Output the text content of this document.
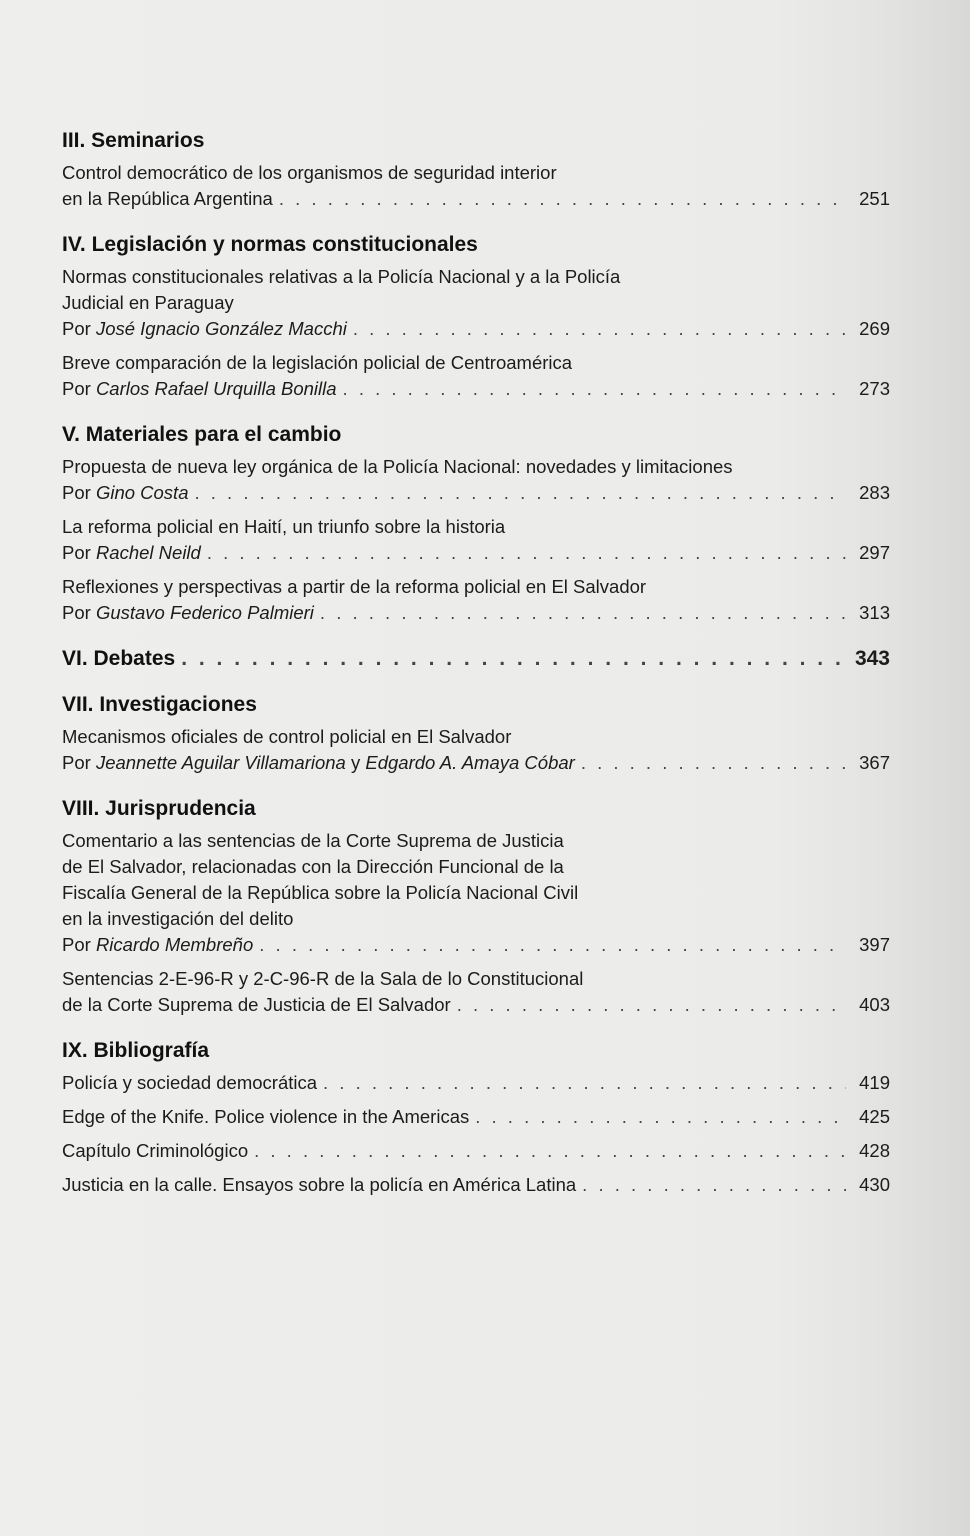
III. Seminarios
Control democrático de los organismos de seguridad interior
en la República Argentina . . .	251
IV. Legislación y normas constitucionales
Normas constitucionales relativas a la Policía Nacional y a la Policía
Judicial en Paraguay
Por José Ignacio González Macchi . . .	269
Breve comparación de la legislación policial de Centroamérica
Por Carlos Rafael Urquilla Bonilla . . .	273
V. Materiales para el cambio
Propuesta de nueva ley orgánica de la Policía Nacional: novedades y limitaciones
Por Gino Costa . . .	283
La reforma policial en Haití, un triunfo sobre la historia
Por Rachel Neild . . .	297
Reflexiones y perspectivas a partir de la reforma policial en El Salvador
Por Gustavo Federico Palmieri . . .	313
VI. Debates . . .	343
VII. Investigaciones
Mecanismos oficiales de control policial en El Salvador
Por Jeannette Aguilar Villamariona y Edgardo A. Amaya Cóbar . . .	367
VIII. Jurisprudencia
Comentario a las sentencias de la Corte Suprema de Justicia
de El Salvador, relacionadas con la Dirección Funcional de la
Fiscalía General de la República sobre la Policía Nacional Civil
en la investigación del delito
Por Ricardo Membreño . . .	397
Sentencias 2-E-96-R y 2-C-96-R de la Sala de lo Constitucional
de la Corte Suprema de Justicia de El Salvador . . .	403
IX. Bibliografía
Policía y sociedad democrática . . .	419
Edge of the Knife. Police violence in the Americas . . .	425
Capítulo Criminológico . . .	428
Justicia en la calle. Ensayos sobre la policía en América Latina . . .	430
